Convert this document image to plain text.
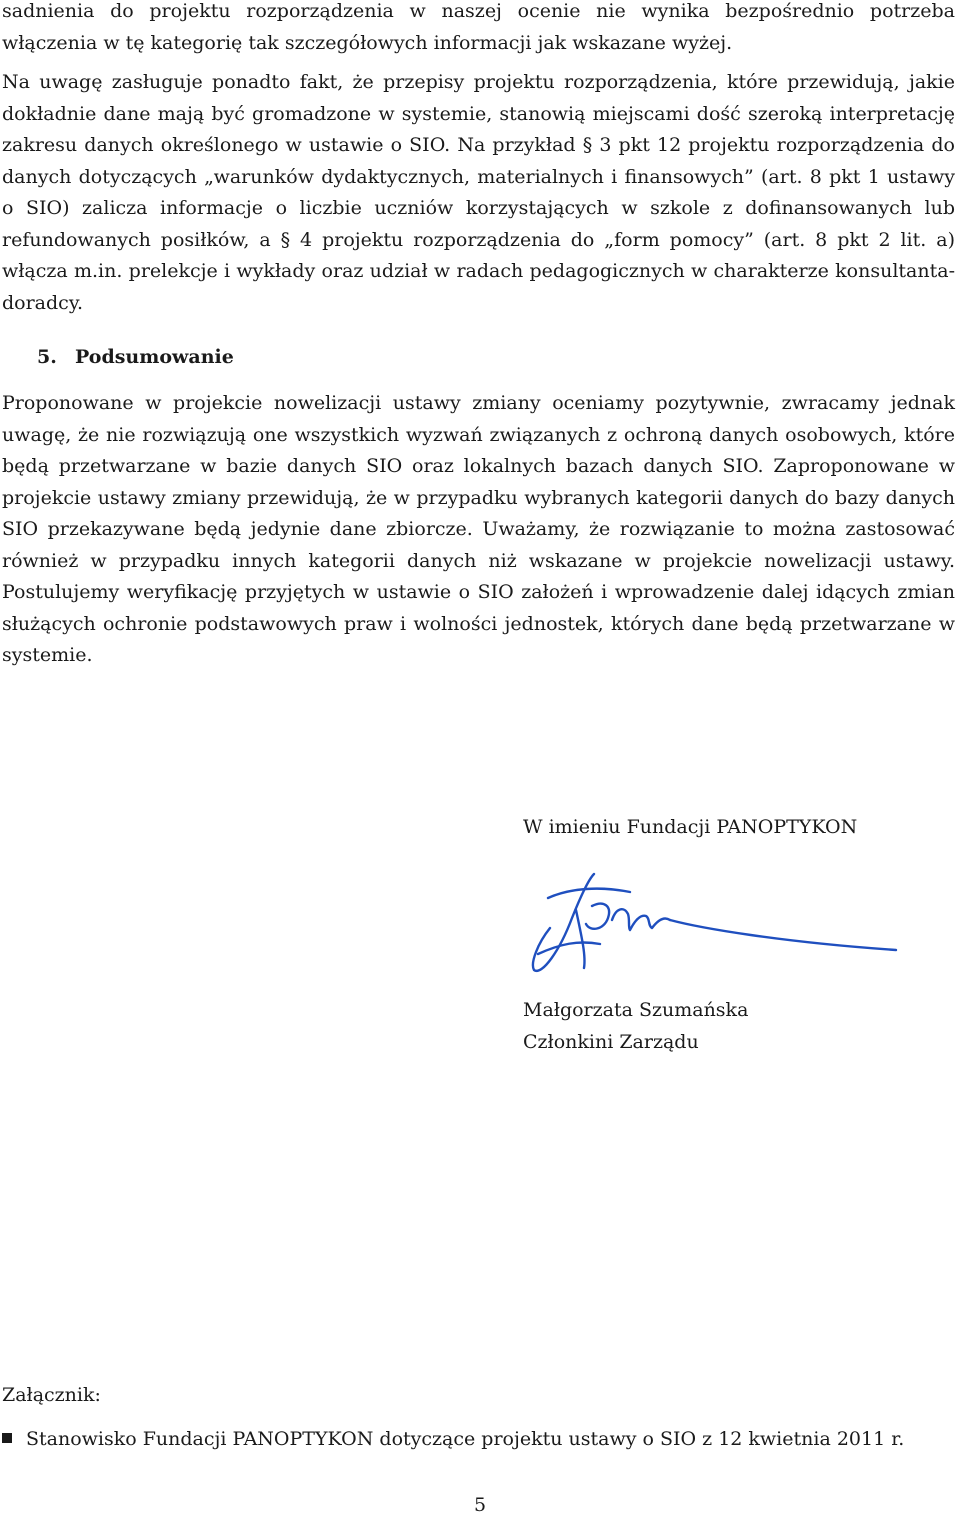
sadnienia do projektu rozporządzenia w naszej ocenie nie wynika bezpośrednio potrzeba włączenia w tę kategorię tak szczegółowych informacji jak wskazane wyżej.

Na uwagę zasługuje ponadto fakt, że przepisy projektu rozporządzenia, które przewidują, jakie dokładnie dane mają być gromadzone w systemie, stanowią miejscami dość szeroką interpretację zakresu danych określonego w ustawie o SIO. Na przykład § 3 pkt 12 projektu rozporządzenia do danych dotyczących „warunków dydaktycznych, materialnych i finansowych” (art. 8 pkt 1 ustawy o SIO) zalicza informacje o liczbie uczniów korzystających w szkole z dofinansowanych lub refundowanych posiłków, a § 4 projektu rozporządzenia do „form pomocy” (art. 8 pkt 2 lit. a) włącza m.in. prelekcje i wykłady oraz udział w radach pedagogicznych w charakterze konsultanta-doradcy.

5. Podsumowanie

Proponowane w projekcie nowelizacji ustawy zmiany oceniamy pozytywnie, zwracamy jednak uwagę, że nie rozwiązują one wszystkich wyzwań związanych z ochroną danych osobowych, które będą przetwarzane w bazie danych SIO oraz lokalnych bazach danych SIO. Zaproponowane w projekcie ustawy zmiany przewidują, że w przypadku wybranych kategorii danych do bazy danych SIO przekazywane będą jedynie dane zbiorcze. Uważamy, że rozwiązanie to można zastosować również w przypadku innych kategorii danych niż wskazane w projekcie nowelizacji ustawy. Postulujemy weryfikację przyjętych w ustawie o SIO założeń i wprowadzenie dalej idących zmian służących ochronie podstawowych praw i wolności jednostek, których dane będą przetwarzane w systemie.

W imieniu Fundacji PANOPTYKON

Małgorzata Szumańska

Członkini Zarządu

Załącznik:

Stanowisko Fundacji PANOPTYKON dotyczące projektu ustawy o SIO z 12 kwietnia 2011 r.

5
